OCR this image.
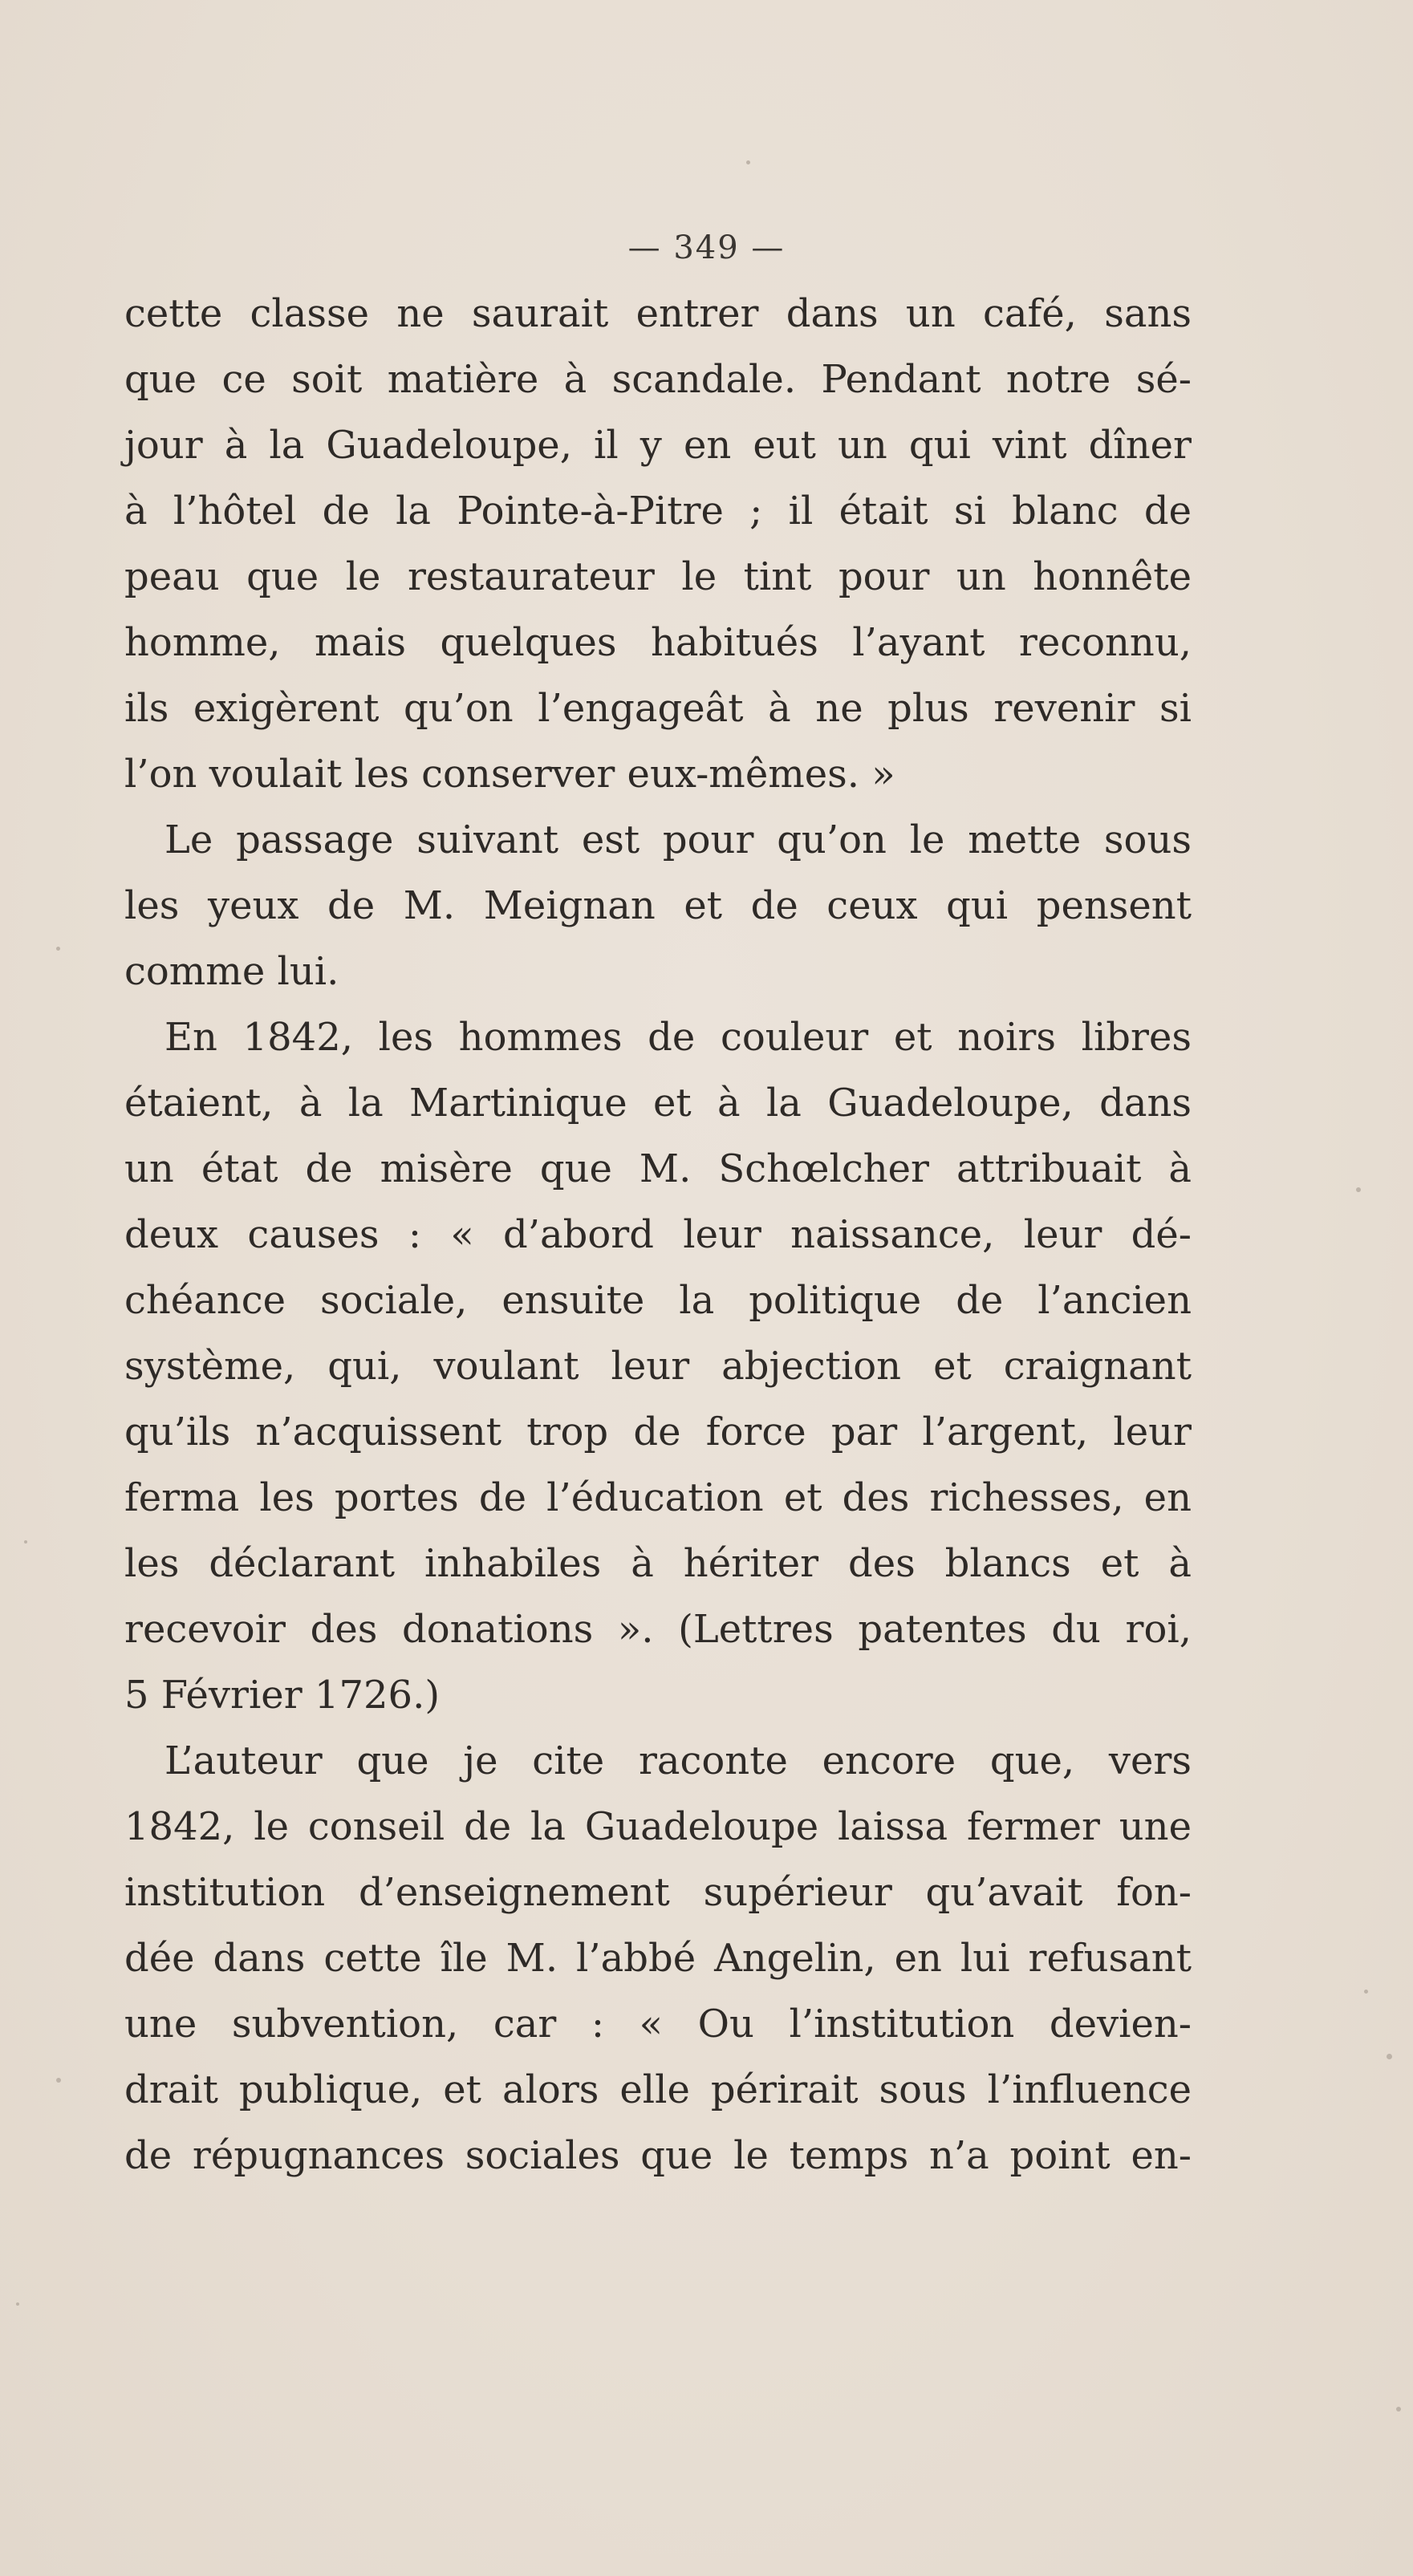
— 349 —
cette classe ne saurait entrer dans un café, sans
que ce soit matière à scandale. Pendant notre sé-
jour à la Guadeloupe, il y en eut un qui vint dîner
à l’hôtel de la Pointe-à-Pitre ; il était si blanc de
peau que le restaurateur le tint pour un honnête
homme, mais quelques habitués l’ayant reconnu,
ils exigèrent qu’on l’engageât à ne plus revenir si
l’on voulait les conserver eux-mêmes. »
Le passage suivant est pour qu’on le mette sous
les yeux de M. Meignan et de ceux qui pensent
comme lui.
En 1842, les hommes de couleur et noirs libres
étaient, à la Martinique et à la Guadeloupe, dans
un état de misère que M. Schœlcher attribuait à
deux causes : « d’abord leur naissance, leur dé-
chéance sociale, ensuite la politique de l’ancien
système, qui, voulant leur abjection et craignant
qu’ils n’acquissent trop de force par l’argent, leur
ferma les portes de l’éducation et des richesses, en
les déclarant inhabiles à hériter des blancs et à
recevoir des donations ». (Lettres patentes du roi,
5 Février 1726.)
L’auteur que je cite raconte encore que, vers
1842, le conseil de la Guadeloupe laissa fermer une
institution d’enseignement supérieur qu’avait fon-
dée dans cette île M. l’abbé Angelin, en lui refusant
une subvention, car : « Ou l’institution devien-
drait publique, et alors elle périrait sous l’influence
de répugnances sociales que le temps n’a point en-
